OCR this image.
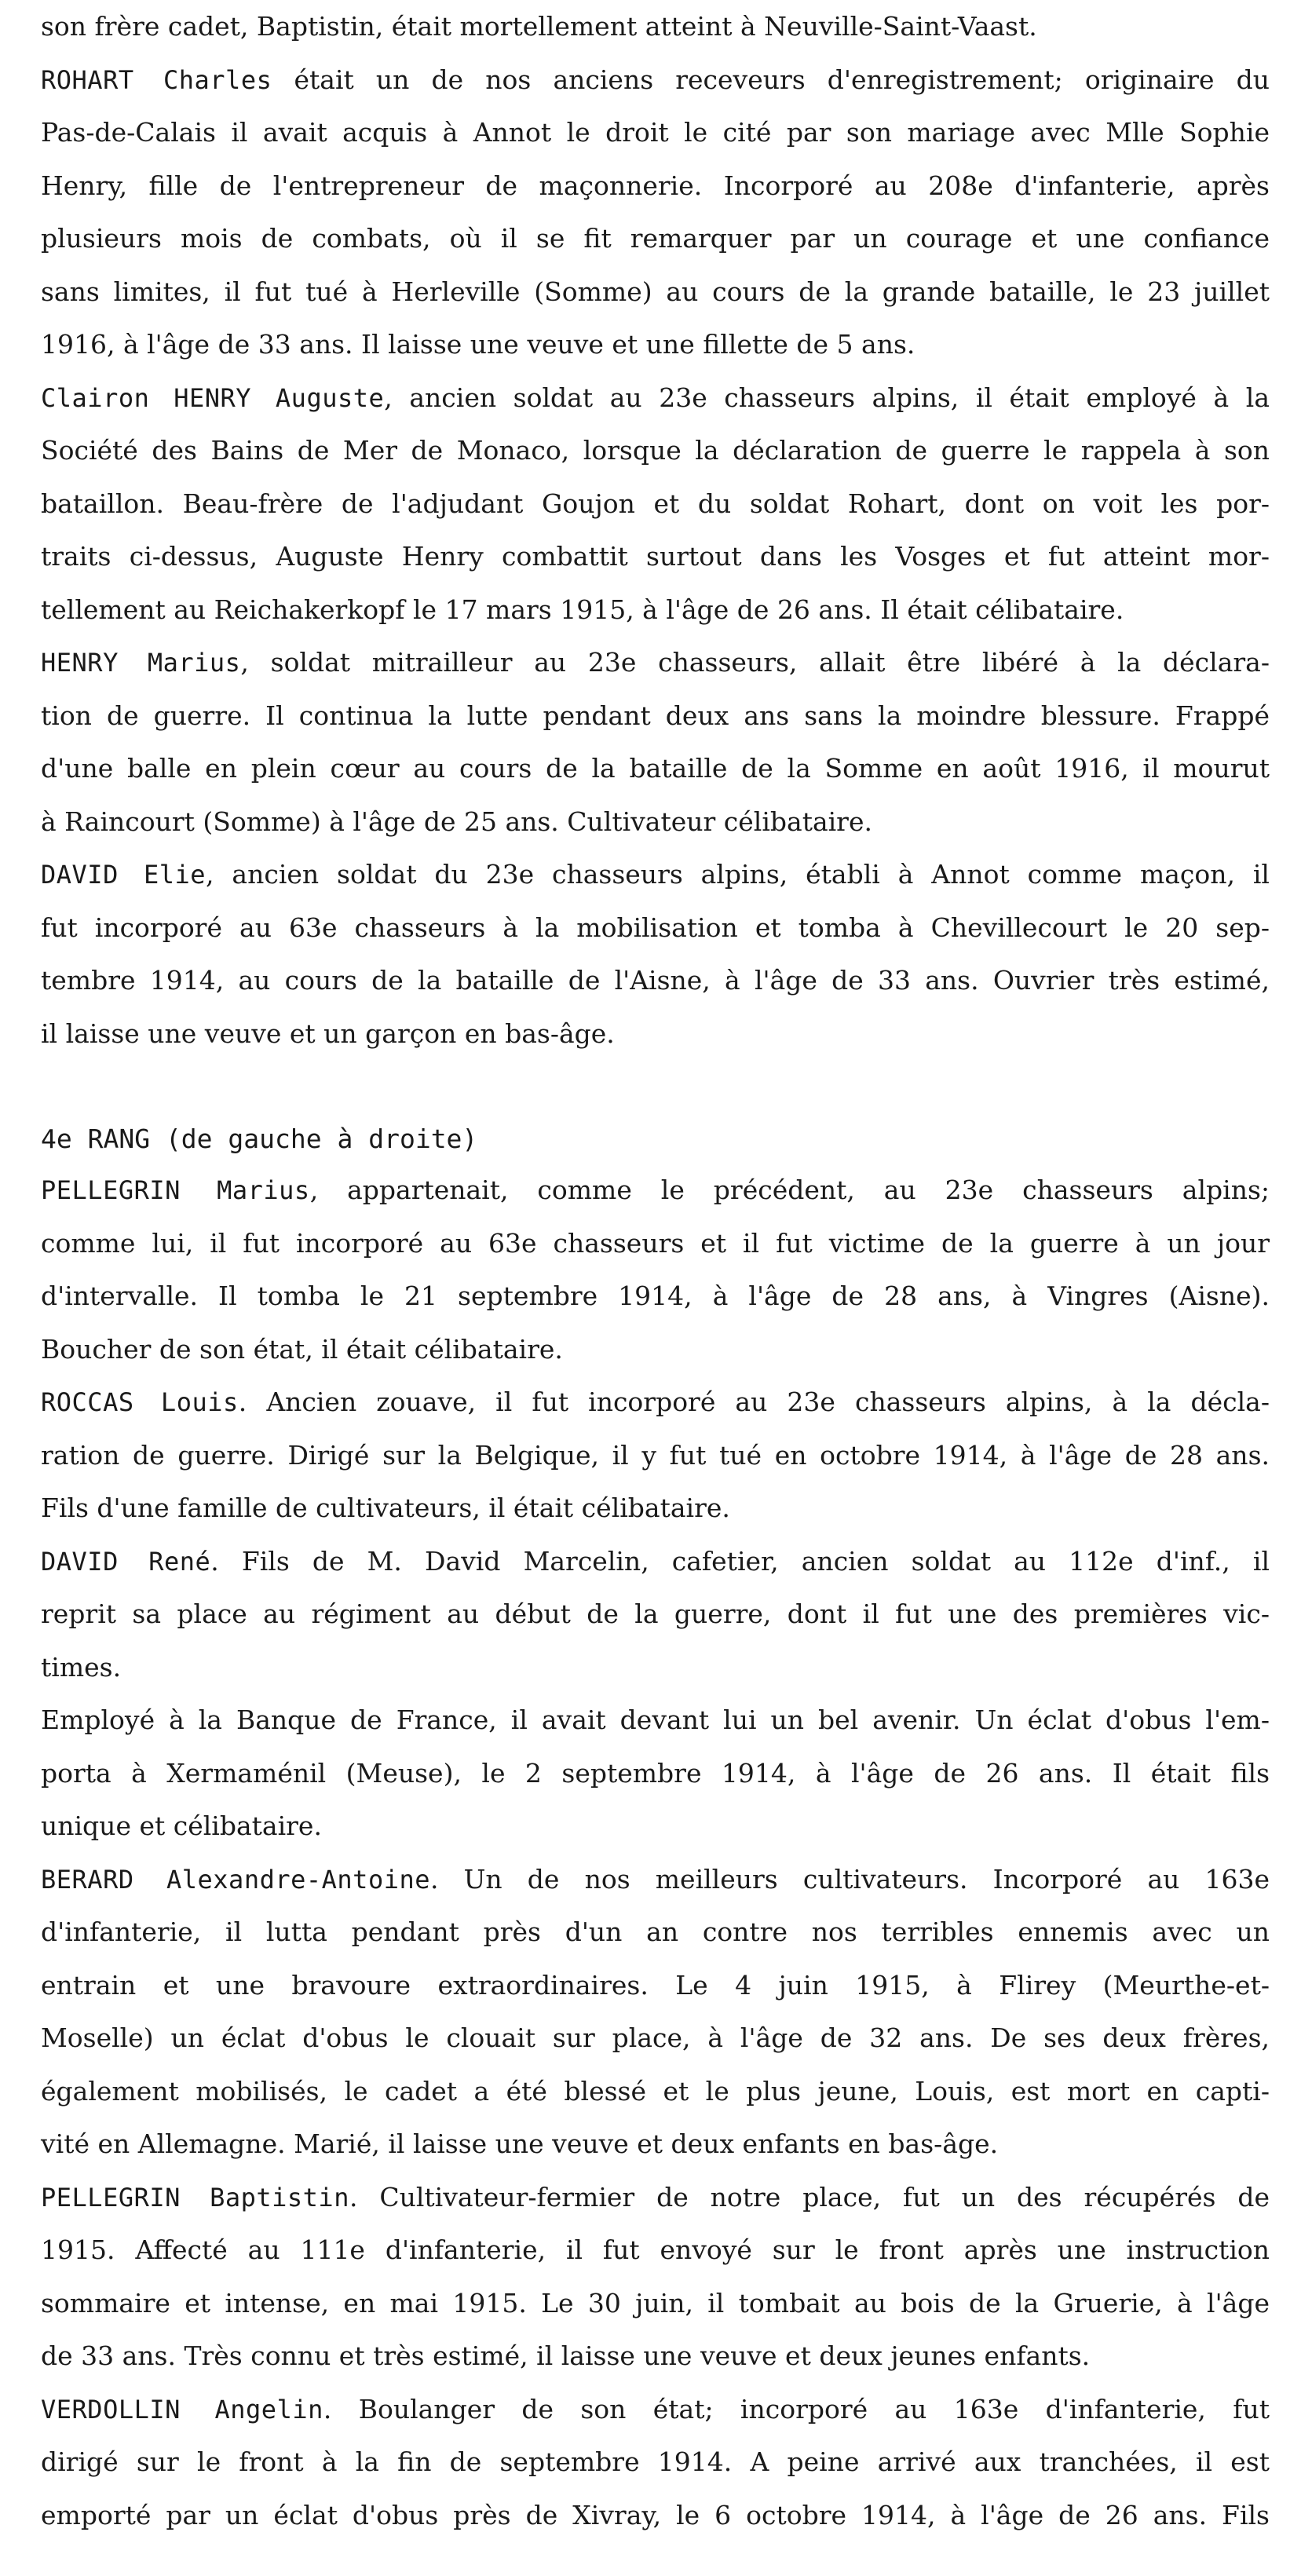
son frère cadet, Baptistin, était mortellement atteint à Neuville-Saint-Vaast.

ROHART Charles était un de nos anciens receveurs d'enregistrement; originaire du
Pas-de-Calais il avait acquis à Annot le droit le cité par son mariage avec Mlle Sophie
Henry, fille de l'entrepreneur de maçonnerie. Incorporé au 208e d'infanterie, après
plusieurs mois de combats, où il se fit remarquer par un courage et une confiance
sans limites, il fut tué à Herleville (Somme) au cours de la grande bataille, le 23 juillet
1916, à l'âge de 33 ans. Il laisse une veuve et une fillette de 5 ans.

Clairon HENRY Auguste, ancien soldat au 23e chasseurs alpins, il était employé à la
Société des Bains de Mer de Monaco, lorsque la déclaration de guerre le rappela à son
bataillon. Beau-frère de l'adjudant Goujon et du soldat Rohart, dont on voit les por-
traits ci-dessus, Auguste Henry combattit surtout dans les Vosges et fut atteint mor-
tellement au Reichakerkopf le 17 mars 1915, à l'âge de 26 ans. Il était célibataire.

HENRY Marius, soldat mitrailleur au 23e chasseurs, allait être libéré à la déclara-
tion de guerre. Il continua la lutte pendant deux ans sans la moindre blessure. Frappé
d'une balle en plein cœur au cours de la bataille de la Somme en août 1916, il mourut
à Raincourt (Somme) à l'âge de 25 ans. Cultivateur célibataire.

DAVID Elie, ancien soldat du 23e chasseurs alpins, établi à Annot comme maçon, il
fut incorporé au 63e chasseurs à la mobilisation et tomba à Chevillecourt le 20 sep-
tembre 1914, au cours de la bataille de l'Aisne, à l'âge de 33 ans. Ouvrier très estimé,
il laisse une veuve et un garçon en bas-âge.

4e RANG (de gauche à droite)

PELLEGRIN Marius, appartenait, comme le précédent, au 23e chasseurs alpins;
comme lui, il fut incorporé au 63e chasseurs et il fut victime de la guerre à un jour
d'intervalle. Il tomba le 21 septembre 1914, à l'âge de 28 ans, à Vingres (Aisne).
Boucher de son état, il était célibataire.

ROCCAS Louis. Ancien zouave, il fut incorporé au 23e chasseurs alpins, à la décla-
ration de guerre. Dirigé sur la Belgique, il y fut tué en octobre 1914, à l'âge de 28 ans.
Fils d'une famille de cultivateurs, il était célibataire.

DAVID René. Fils de M. David Marcelin, cafetier, ancien soldat au 112e d'inf., il
reprit sa place au régiment au début de la guerre, dont il fut une des premières vic-
times.
Employé à la Banque de France, il avait devant lui un bel avenir. Un éclat d'obus l'em-
porta à Xermaménil (Meuse), le 2 septembre 1914, à l'âge de 26 ans. Il était fils
unique et célibataire.

BERARD Alexandre-Antoine. Un de nos meilleurs cultivateurs. Incorporé au 163e
d'infanterie, il lutta pendant près d'un an contre nos terribles ennemis avec un
entrain et une bravoure extraordinaires. Le 4 juin 1915, à Flirey (Meurthe-et-
Moselle) un éclat d'obus le clouait sur place, à l'âge de 32 ans. De ses deux frères,
également mobilisés, le cadet a été blessé et le plus jeune, Louis, est mort en capti-
vité en Allemagne. Marié, il laisse une veuve et deux enfants en bas-âge.

PELLEGRIN Baptistin. Cultivateur-fermier de notre place, fut un des récupérés de
1915. Affecté au 111e d'infanterie, il fut envoyé sur le front après une instruction
sommaire et intense, en mai 1915. Le 30 juin, il tombait au bois de la Gruerie, à l'âge
de 33 ans. Très connu et très estimé, il laisse une veuve et deux jeunes enfants.

VERDOLLIN Angelin. Boulanger de son état; incorporé au 163e d'infanterie, fut
dirigé sur le front à la fin de septembre 1914. A peine arrivé aux tranchées, il est
emporté par un éclat d'obus près de Xivray, le 6 octobre 1914, à l'âge de 26 ans. Fils
